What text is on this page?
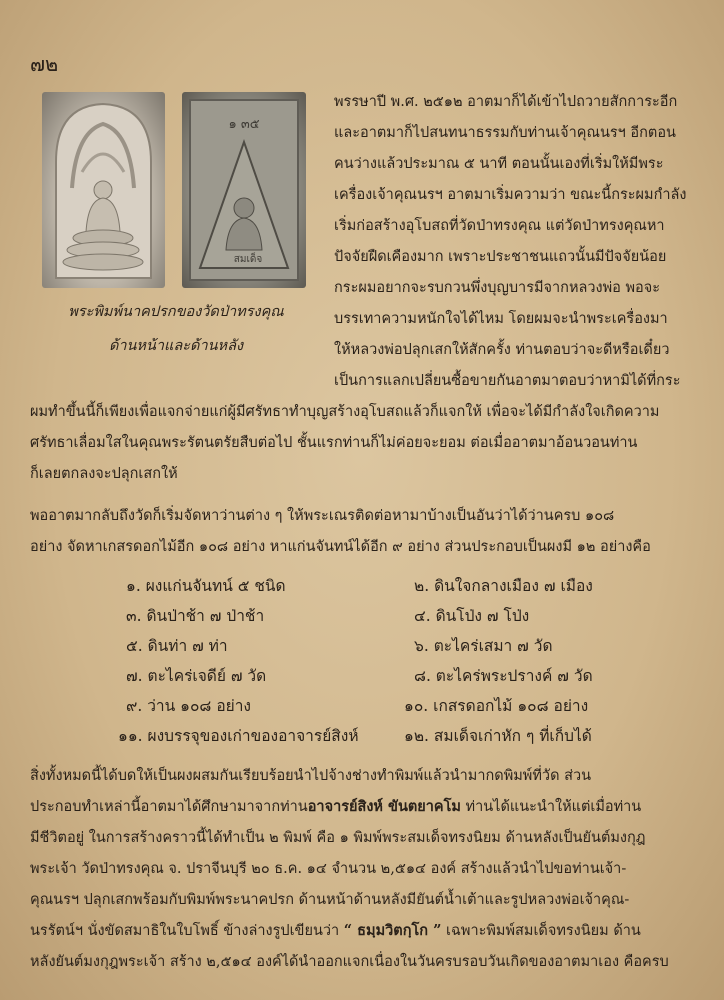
๗๒
๑ ๓๕
สมเด็จ
พระพิมพ์นาคปรกของวัดป่าทรงคุณ
ด้านหน้าและด้านหลัง
พรรษาปี พ.ศ. ๒๕๑๒ อาตมาก็ได้เข้าไปถวายสักการะอีก
และอาตมาก็ไปสนทนาธรรมกับท่านเจ้าคุณนรฯ อีกตอน
คนว่างแล้วประมาณ ๕ นาที ตอนนั้นเองที่เริ่มให้มีพระ
เครื่องเจ้าคุณนรฯ อาตมาเริ่มความว่า ขณะนี้กระผมกำลัง
เริ่มก่อสร้างอุโบสถที่วัดป่าทรงคุณ แต่วัดป่าทรงคุณหา
ปัจจัยฝืดเคืองมาก เพราะประชาชนแถวนั้นมีปัจจัยน้อย
กระผมอยากจะรบกวนพึ่งบุญบารมีจากหลวงพ่อ พอจะ
บรรเทาความหนักใจได้ไหม โดยผมจะนำพระเครื่องมา
ให้หลวงพ่อปลุกเสกให้สักครั้ง ท่านตอบว่าจะดีหรือเดี๋ยว
เป็นการแลกเปลี่ยนซื้อขายกันอาตมาตอบว่าหามิได้ที่กระ
ผมทำขึ้นนี้ก็เพียงเพื่อแจกจ่ายแก่ผู้มีศรัทธาทำบุญสร้างอุโบสถแล้วก็แจกให้ เพื่อจะได้มีกำลังใจเกิดความ
ศรัทธาเลื่อมใสในคุณพระรัตนตรัยสืบต่อไป ชั้นแรกท่านก็ไม่ค่อยจะยอม ต่อเมื่ออาตมาอ้อนวอนท่าน
ก็เลยตกลงจะปลุกเสกให้
พออาตมากลับถึงวัดก็เริ่มจัดหาว่านต่าง ๆ ให้พระเณรติดต่อหามาบ้างเป็นอันว่าได้ว่านครบ ๑๐๘
อย่าง จัดหาเกสรดอกไม้อีก ๑๐๘ อย่าง หาแก่นจันทน์ได้อีก ๙ อย่าง ส่วนประกอบเป็นผงมี ๑๒ อย่างคือ
๑. ผงแก่นจันทน์ ๕ ชนิด	๒. ดินใจกลางเมือง ๗ เมือง
๓. ดินป่าช้า ๗ ป่าช้า	๔. ดินโป่ง ๗ โป่ง
๕. ดินท่า ๗ ท่า	๖. ตะไคร่เสมา ๗ วัด
๗. ตะไคร่เจดีย์ ๗ วัด	๘. ตะไคร่พระปรางค์ ๗ วัด
๙. ว่าน ๑๐๘ อย่าง	๑๐. เกสรดอกไม้ ๑๐๘ อย่าง
๑๑. ผงบรรจุของเก่าของอาจารย์สิงห์	๑๒. สมเด็จเก่าหัก ๆ ที่เก็บได้
สิ่งทั้งหมดนี้ได้บดให้เป็นผงผสมกันเรียบร้อยนำไปจ้างช่างทำพิมพ์แล้วนำมากดพิมพ์ที่วัด ส่วน
ประกอบทำเหล่านี้อาตมาได้ศึกษามาจากท่านอาจารย์สิงห์ ขันตยาคโม ท่านได้แนะนำให้แต่เมื่อท่าน
มีชีวิตอยู่ ในการสร้างคราวนี้ได้ทำเป็น ๒ พิมพ์ คือ ๑ พิมพ์พระสมเด็จทรงนิยม ด้านหลังเป็นยันต์มงกุฎ
พระเจ้า วัดป่าทรงคุณ จ. ปราจีนบุรี ๒๐ ธ.ค. ๑๔ จำนวน ๒,๕๑๔ องค์ สร้างแล้วนำไปขอท่านเจ้า-
คุณนรฯ ปลุกเสกพร้อมกับพิมพ์พระนาคปรก ด้านหน้าด้านหลังมียันต์น้ำเต้าและรูปหลวงพ่อเจ้าคุณ-
นรรัตน์ฯ นั่งขัดสมาธิในใบโพธิ์ ข้างล่างรูปเขียนว่า “ ธมฺมวิตกฺโก ” เฉพาะพิมพ์สมเด็จทรงนิยม ด้าน
หลังยันต์มงกุฎพระเจ้า สร้าง ๒,๕๑๔ องค์ได้นำออกแจกเนื่องในวันครบรอบวันเกิดของอาตมาเอง คือครบ
